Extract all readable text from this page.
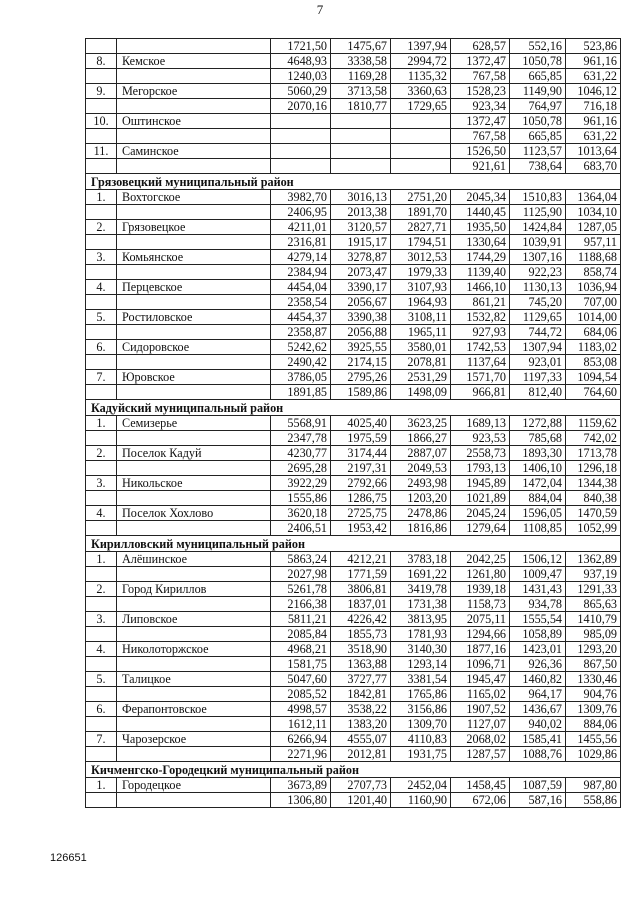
7
		1721,50	1475,67	1397,94	628,57	552,16	523,86
8.	Кемское	4648,93	3338,58	2994,72	1372,47	1050,78	961,16
		1240,03	1169,28	1135,32	767,58	665,85	631,22
9.	Мегорское	5060,29	3713,58	3360,63	1528,23	1149,90	1046,12
		2070,16	1810,77	1729,65	923,34	764,97	716,18
10.	Оштинское				1372,47	1050,78	961,16
					767,58	665,85	631,22
11.	Саминское				1526,50	1123,57	1013,64
					921,61	738,64	683,70
Грязовецкий муниципальный район							
1.	Вохтогское	3982,70	3016,13	2751,20	2045,34	1510,83	1364,04
		2406,95	2013,38	1891,70	1440,45	1125,90	1034,10
2.	Грязовецкое	4211,01	3120,57	2827,71	1935,50	1424,84	1287,05
		2316,81	1915,17	1794,51	1330,64	1039,91	957,11
3.	Комьянское	4279,14	3278,87	3012,53	1744,29	1307,16	1188,68
		2384,94	2073,47	1979,33	1139,40	922,23	858,74
4.	Перцевское	4454,04	3390,17	3107,93	1466,10	1130,13	1036,94
		2358,54	2056,67	1964,93	861,21	745,20	707,00
5.	Ростиловское	4454,37	3390,38	3108,11	1532,82	1129,65	1014,00
		2358,87	2056,88	1965,11	927,93	744,72	684,06
6.	Сидоровское	5242,62	3925,55	3580,01	1742,53	1307,94	1183,02
		2490,42	2174,15	2078,81	1137,64	923,01	853,08
7.	Юровское	3786,05	2795,26	2531,29	1571,70	1197,33	1094,54
		1891,85	1589,86	1498,09	966,81	812,40	764,60
Кадуйский муниципальный район							
1.	Семизерье	5568,91	4025,40	3623,25	1689,13	1272,88	1159,62
		2347,78	1975,59	1866,27	923,53	785,68	742,02
2.	Поселок Кадуй	4230,77	3174,44	2887,07	2558,73	1893,30	1713,78
		2695,28	2197,31	2049,53	1793,13	1406,10	1296,18
3.	Никольское	3922,29	2792,66	2493,98	1945,89	1472,04	1344,38
		1555,86	1286,75	1203,20	1021,89	884,04	840,38
4.	Поселок Хохлово	3620,18	2725,75	2478,86	2045,24	1596,05	1470,59
		2406,51	1953,42	1816,86	1279,64	1108,85	1052,99
Кирилловский муниципальный район							
1.	Алёшинское	5863,24	4212,21	3783,18	2042,25	1506,12	1362,89
		2027,98	1771,59	1691,22	1261,80	1009,47	937,19
2.	Город Кириллов	5261,78	3806,81	3419,78	1939,18	1431,43	1291,33
		2166,38	1837,01	1731,38	1158,73	934,78	865,63
3.	Липовское	5811,21	4226,42	3813,95	2075,11	1555,54	1410,79
		2085,84	1855,73	1781,93	1294,66	1058,89	985,09
4.	Николоторжское	4968,21	3518,90	3140,30	1877,16	1423,01	1293,20
		1581,75	1363,88	1293,14	1096,71	926,36	867,50
5.	Талицкое	5047,60	3727,77	3381,54	1945,47	1460,82	1330,46
		2085,52	1842,81	1765,86	1165,02	964,17	904,76
6.	Ферапонтовское	4998,57	3538,22	3156,86	1907,52	1436,67	1309,76
		1612,11	1383,20	1309,70	1127,07	940,02	884,06
7.	Чарозерское	6266,94	4555,07	4110,83	2068,02	1585,41	1455,56
		2271,96	2012,81	1931,75	1287,57	1088,76	1029,86
Кичменгско-Городецкий муниципальный район							
1.	Городецкое	3673,89	2707,73	2452,04	1458,45	1087,59	987,80
		1306,80	1201,40	1160,90	672,06	587,16	558,86
126651
